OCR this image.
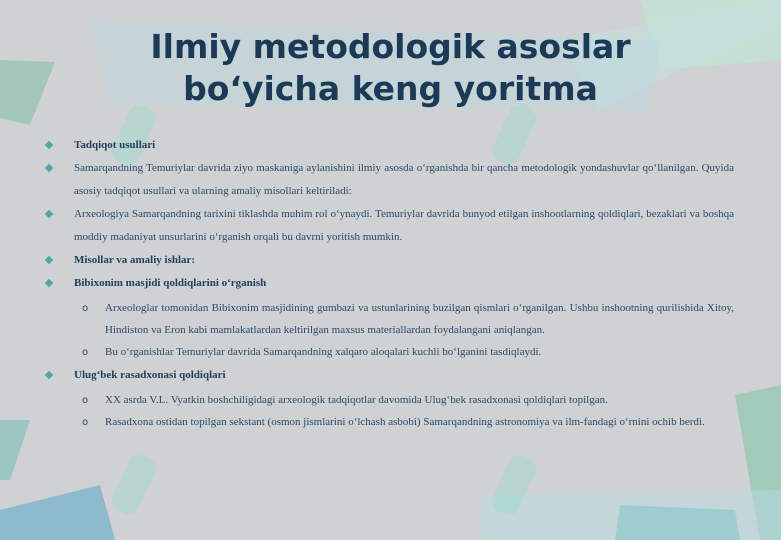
Ilmiy metodologik asoslar
bo‘yicha keng yoritma
Tadqiqot usullari
Samarqandning Temuriylar davrida ziyo maskaniga aylanishini ilmiy asosda o‘rganishda bir qancha metodologik yondashuvlar qo‘llanilgan. Quyida asosiy tadqiqot usullari va ularning amaliy misollari keltiriladi:
Arxeologiya Samarqandning tarixini tiklashda muhim rol o‘ynaydi. Temuriylar davrida bunyod etilgan inshootlarning qoldiqlari, bezaklari va boshqa moddiy madaniyat unsurlarini o‘rganish orqali bu davrni yoritish mumkin.
Misollar va amaliy ishlar:
Bibixonim masjidi qoldiqlarini o‘rganish
o Arxeologlar tomonidan Bibixonim masjidining gumbazi va ustunlarining buzilgan qismlari o‘rganilgan. Ushbu inshootning qurilishida Xitoy, Hindiston va Eron kabi mamlakatlardan keltirilgan maxsus materiallardan foydalangani aniqlangan.
o Bu o‘rganishlar Temuriylar davrida Samarqandning xalqaro aloqalari kuchli bo‘lganini tasdiqlaydi.
Ulug‘bek rasadxonasi qoldiqlari
o XX asrda V.L. Vyatkin boshchiligidagi arxeologik tadqiqotlar davomida Ulug‘bek rasadxonasi qoldiqlari topilgan.
o Rasadxona ostidan topilgan sekstant (osmon jismlarini o‘lchash asbobi) Samarqandning astronomiya va ilm-fandagi o‘rnini ochib berdi.
